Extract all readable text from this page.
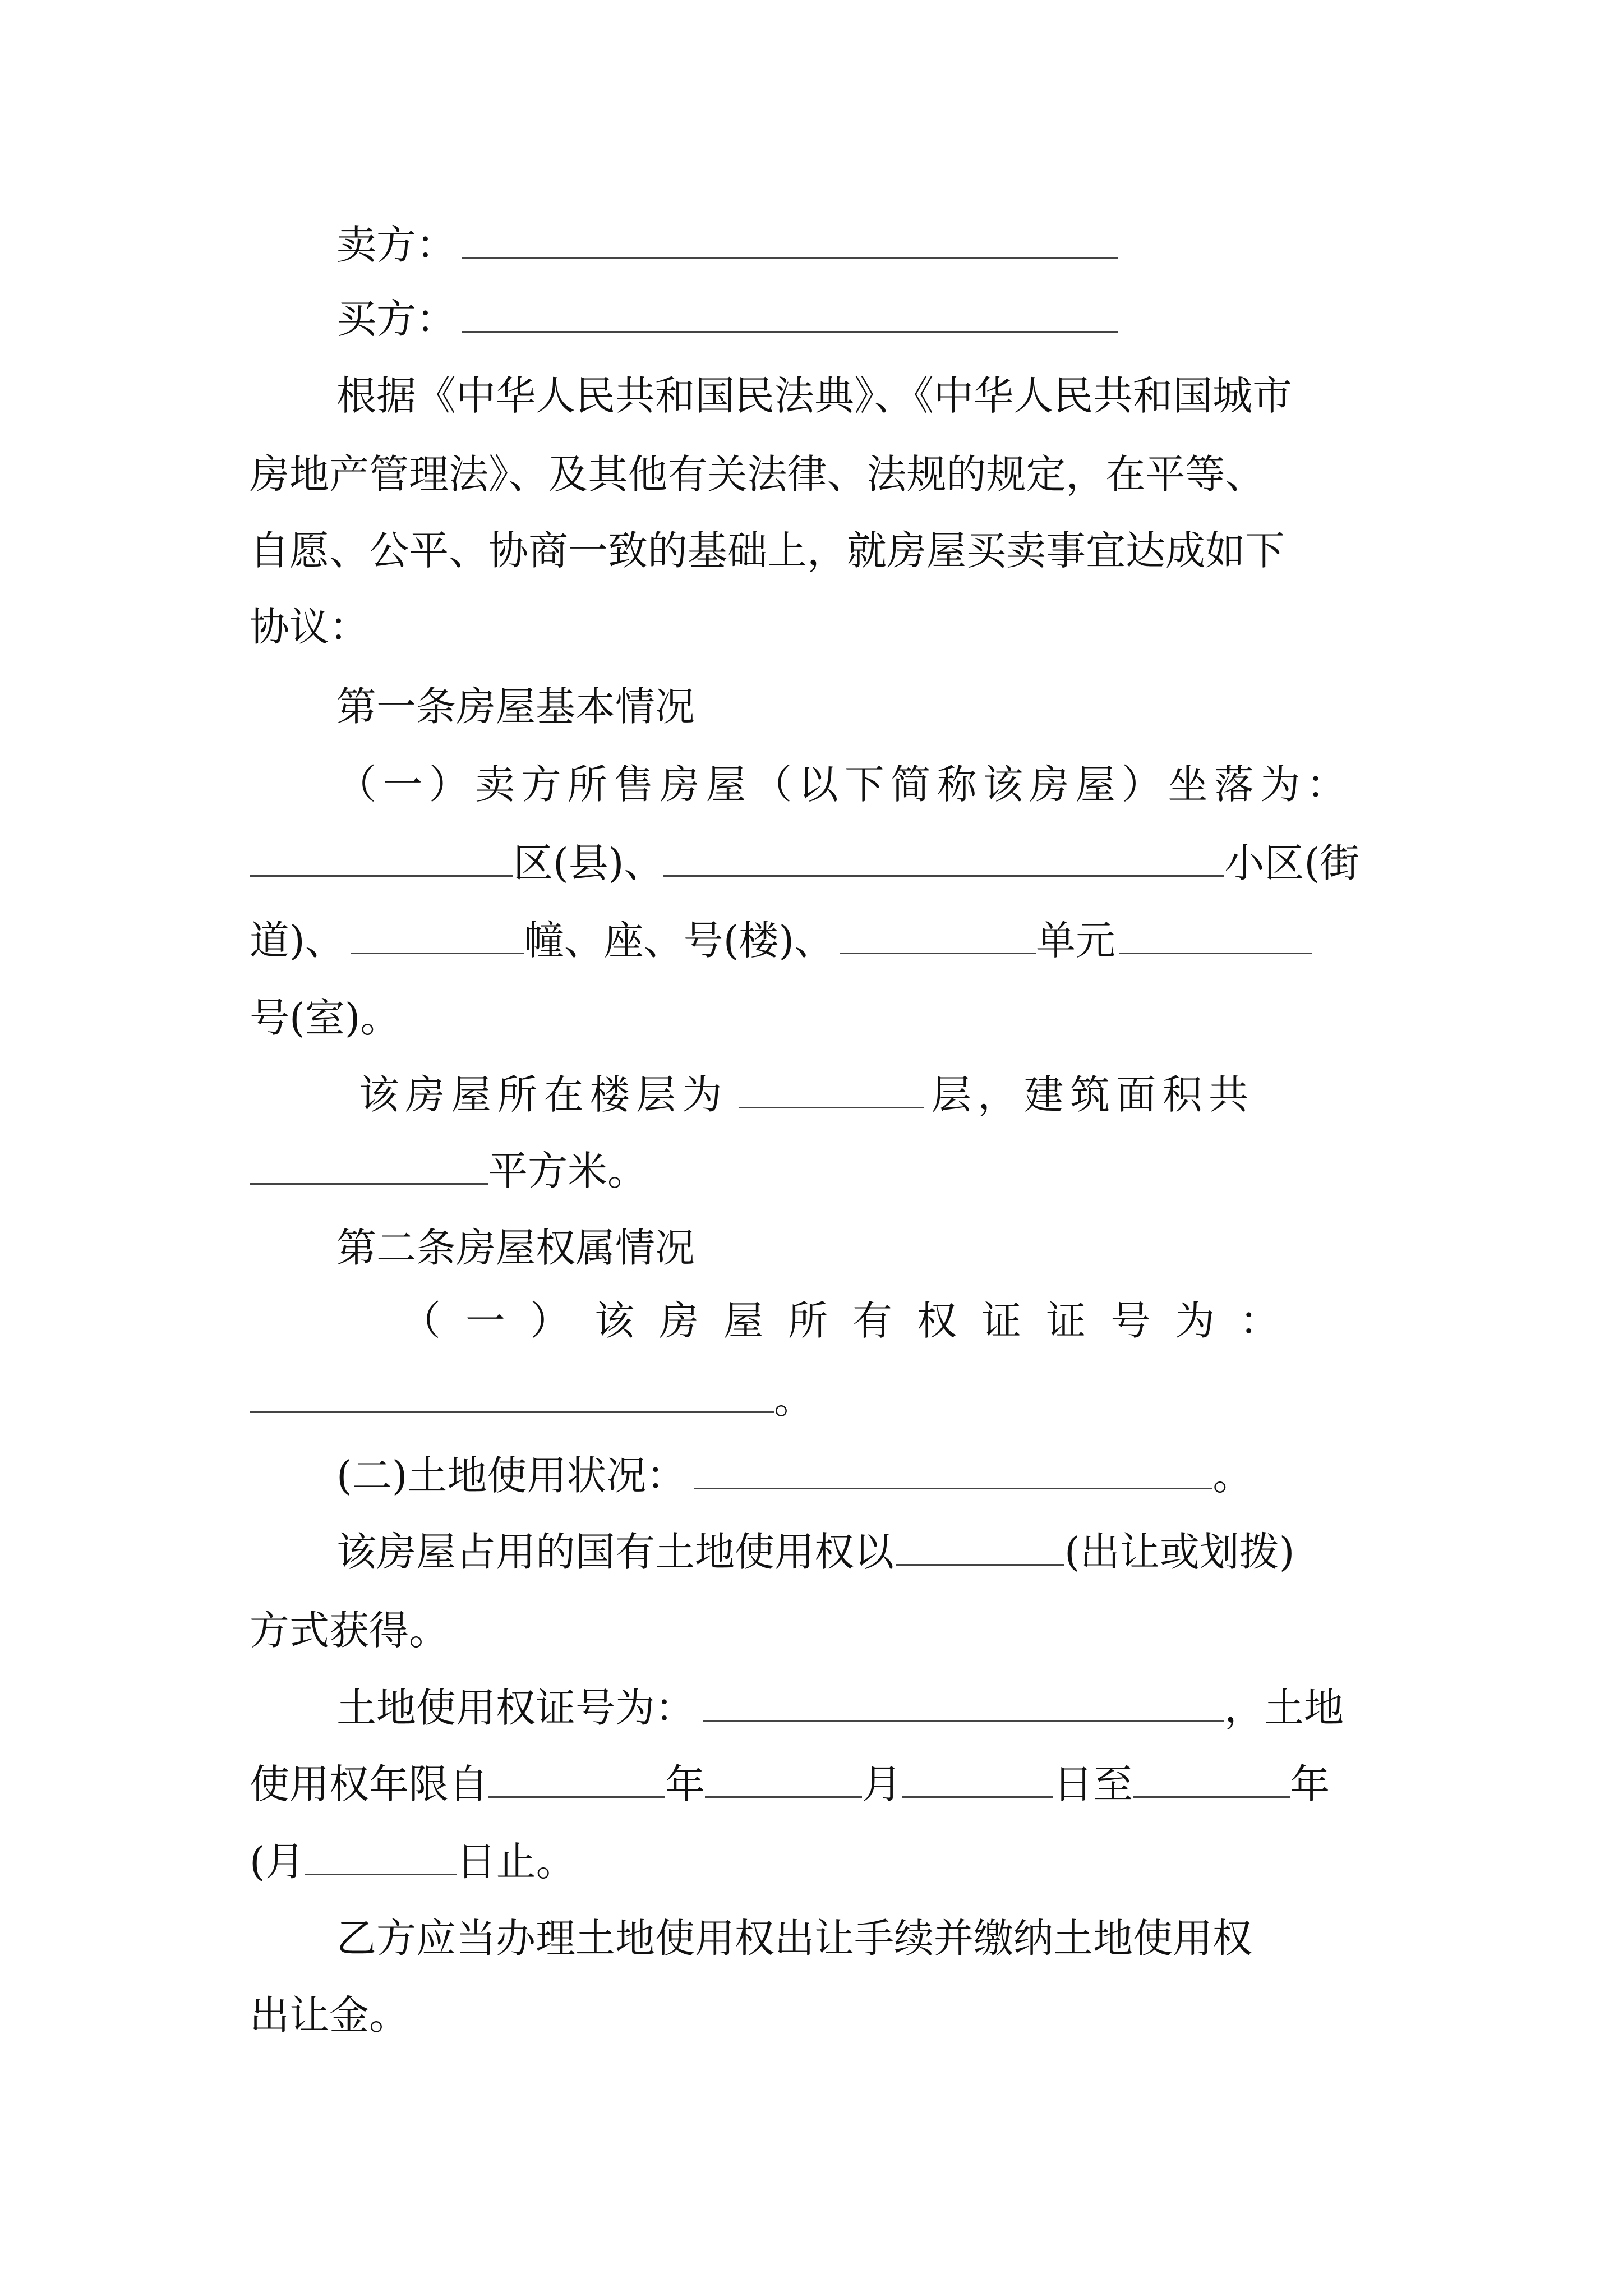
卖方：
买方：
根据《中华人民共和国民法典》、《中华人民共和国城市
房地产管理法》、及其他有关法律、法规的规定，在平等、
自愿、公平、协商一致的基础上，就房屋买卖事宜达成如下
协议：
第一条房屋基本情况
（一）卖方所售房屋（以下简称该房屋）坐落为：
区(县)、	小区(街
道)、	幢、座、号(楼)、	单元
号(室)。
该房屋所在楼层为	层，建筑面积共
平方米。
第二条房屋权属情况
（一）该房屋所有权证证号为：
。
(二)土地使用状况：	。
该房屋占用的国有土地使用权以	(出让或划拨)
方式获得。
土地使用权证号为：	，土地
使用权年限自	年	月	日至	年
(月	日止。
乙方应当办理土地使用权出让手续并缴纳土地使用权
出让金。
